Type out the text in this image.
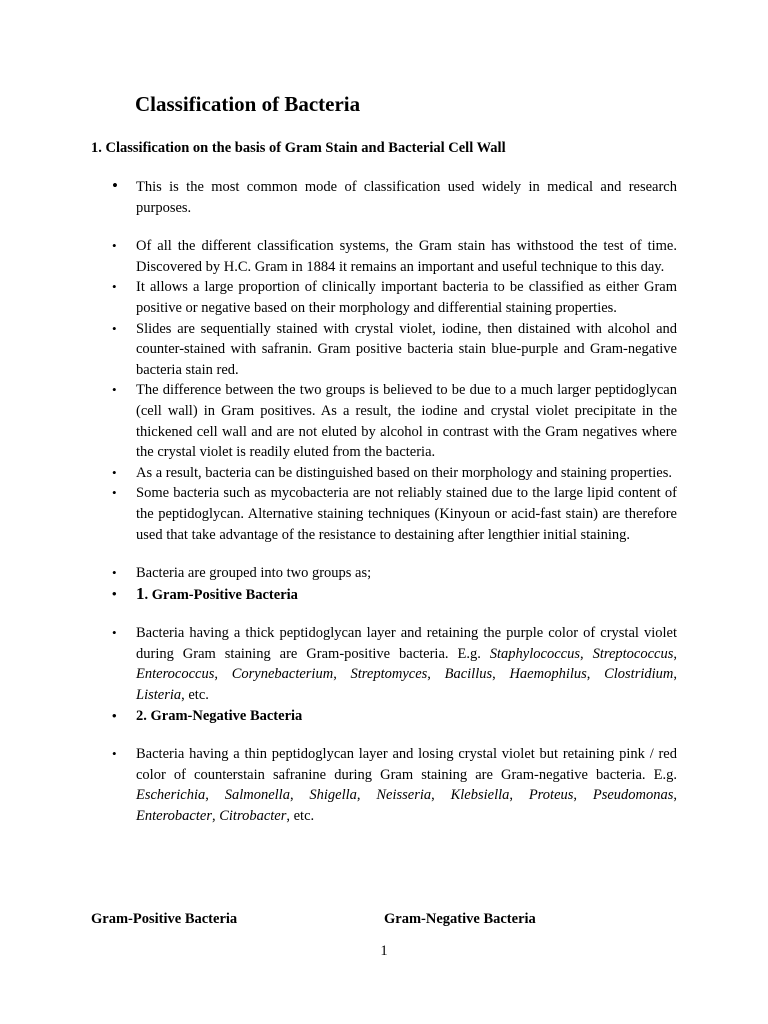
Classification of Bacteria
1. Classification on the basis of Gram Stain and Bacterial Cell Wall
• This is the most common mode of classification used widely in medical and research purposes.
• Of all the different classification systems, the Gram stain has withstood the test of time. Discovered by H.C. Gram in 1884 it remains an important and useful technique to this day.
• It allows a large proportion of clinically important bacteria to be classified as either Gram positive or negative based on their morphology and differential staining properties.
• Slides are sequentially stained with crystal violet, iodine, then distained with alcohol and counter-stained with safranin. Gram positive bacteria stain blue-purple and Gram-negative bacteria stain red.
• The difference between the two groups is believed to be due to a much larger peptidoglycan (cell wall) in Gram positives. As a result, the iodine and crystal violet precipitate in the thickened cell wall and are not eluted by alcohol in contrast with the Gram negatives where the crystal violet is readily eluted from the bacteria.
• As a result, bacteria can be distinguished based on their morphology and staining properties.
• Some bacteria such as mycobacteria are not reliably stained due to the large lipid content of the peptidoglycan. Alternative staining techniques (Kinyoun or acid-fast stain) are therefore used that take advantage of the resistance to destaining after lengthier initial staining.
• Bacteria are grouped into two groups as;
• 1. Gram-Positive Bacteria
• Bacteria having a thick peptidoglycan layer and retaining the purple color of crystal violet during Gram staining are Gram-positive bacteria. E.g. Staphylococcus, Streptococcus, Enterococcus, Corynebacterium, Streptomyces, Bacillus, Haemophilus, Clostridium, Listeria, etc.
• 2. Gram-Negative Bacteria
• Bacteria having a thin peptidoglycan layer and losing crystal violet but retaining pink / red color of counterstain safranine during Gram staining are Gram-negative bacteria. E.g. Escherichia, Salmonella, Shigella, Neisseria, Klebsiella, Proteus, Pseudomonas, Enterobacter, Citrobacter, etc.
Gram-Positive Bacteria	Gram-Negative Bacteria
1
